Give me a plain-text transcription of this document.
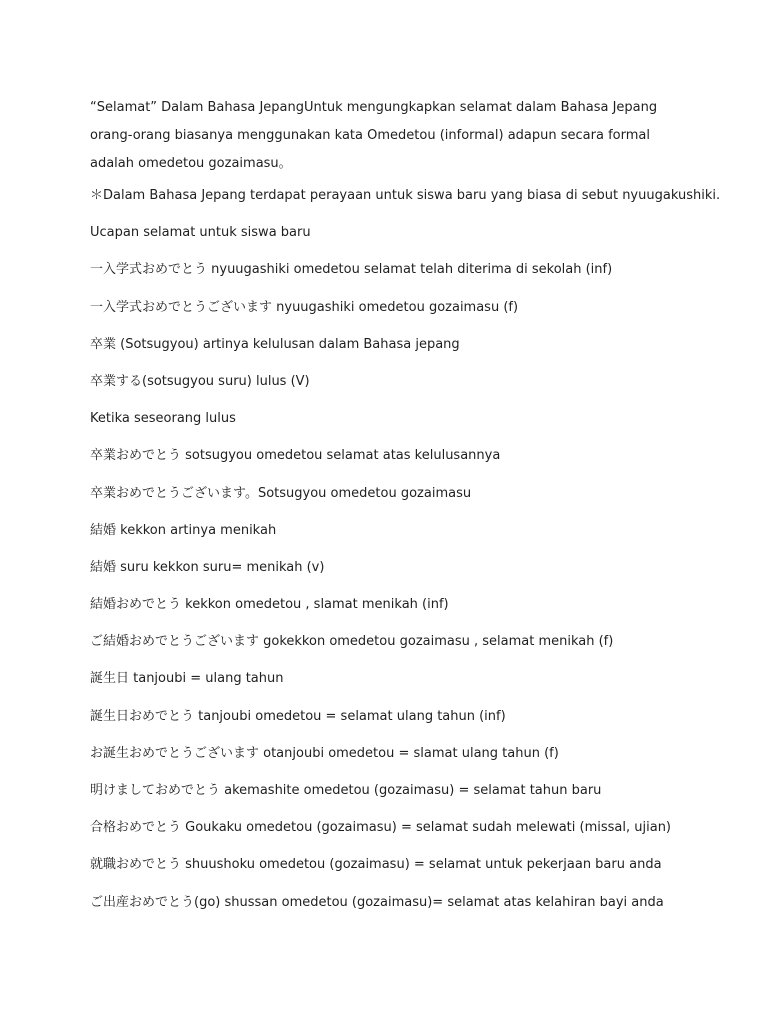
“Selamat” Dalam Bahasa JepangUntuk mengungkapkan selamat dalam Bahasa Jepang orang-orang biasanya menggunakan kata Omedetou (informal) adapun secara formal adalah omedetou gozaimasu。

＊Dalam Bahasa Jepang terdapat perayaan untuk siswa baru yang biasa di sebut nyuugakushiki.
Ucapan selamat untuk siswa baru
一入学式おめでとう nyuugashiki omedetou selamat telah diterima di sekolah (inf)
一入学式おめでとうございます nyuugashiki omedetou gozaimasu (f)
卒業 (Sotsugyou) artinya kelulusan dalam Bahasa jepang
卒業する(sotsugyou suru) lulus (V)
Ketika seseorang lulus
卒業おめでとう sotsugyou omedetou selamat atas kelulusannya
卒業おめでとうございます。Sotsugyou omedetou gozaimasu
結婚 kekkon artinya menikah
結婚 suru kekkon suru= menikah (v)
結婚おめでとう kekkon omedetou , slamat menikah (inf)
ご結婚おめでとうございます gokekkon omedetou gozaimasu , selamat menikah (f)
誕生日 tanjoubi = ulang tahun
誕生日おめでとう tanjoubi omedetou = selamat ulang tahun (inf)
お誕生おめでとうございます otanjoubi omedetou = slamat ulang tahun (f)
明けましておめでとう akemashite omedetou (gozaimasu) = selamat tahun baru
合格おめでとう Goukaku omedetou (gozaimasu) = selamat sudah melewati (missal, ujian)
就職おめでとう shuushoku omedetou (gozaimasu) = selamat untuk pekerjaan baru anda
ご出産おめでとう(go) shussan omedetou (gozaimasu)= selamat atas kelahiran bayi anda
